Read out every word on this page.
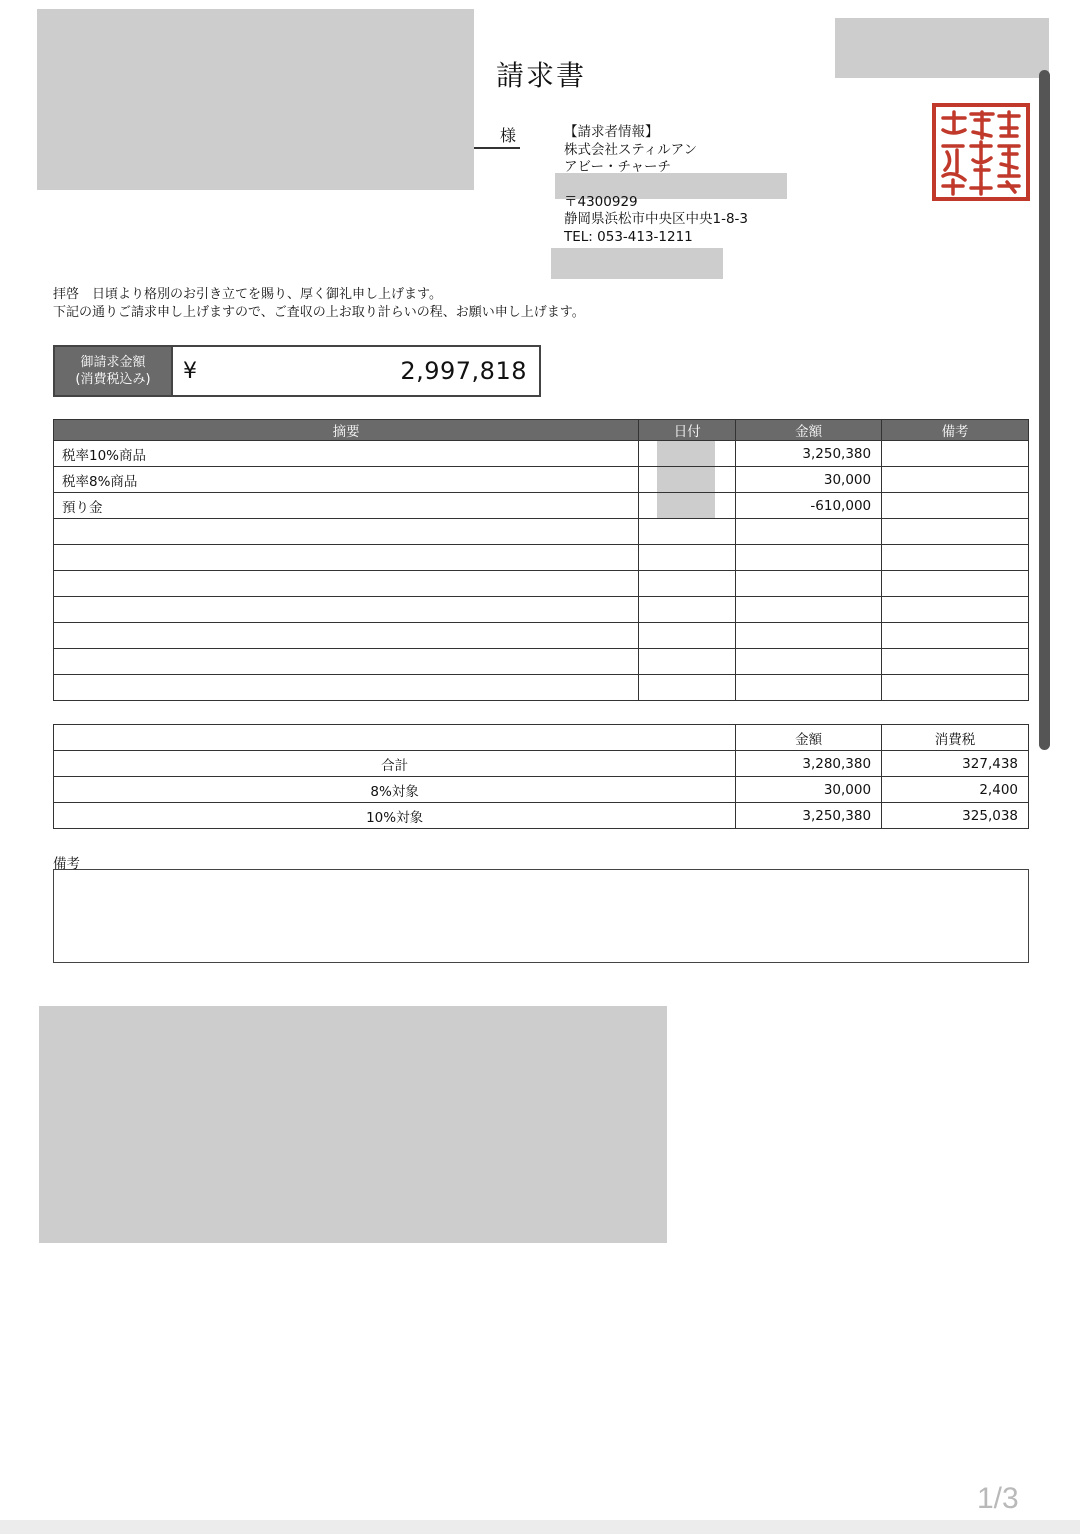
請求書
様	【請求者情報】
株式会社スティルアン
アビー・チャーチ
〒4300929
静岡県浜松市中央区中央1-8-3
TEL: 053-413-1211
拝啓　日頃より格別のお引き立てを賜り、厚く御礼申し上げます。
下記の通りご請求申し上げますので、ご査収の上お取り計らいの程、お願い申し上げます。
御請求金額
(消費税込み) ¥	2,997,818
摘要	日付	金額	備考
税率10%商品		3,250,380	
税率8%商品		30,000	
預り金		-610,000	

	金額	消費税
合計	3,280,380	327,438
8%対象	30,000	2,400
10%対象	3,250,380	325,038
備考
1/3
